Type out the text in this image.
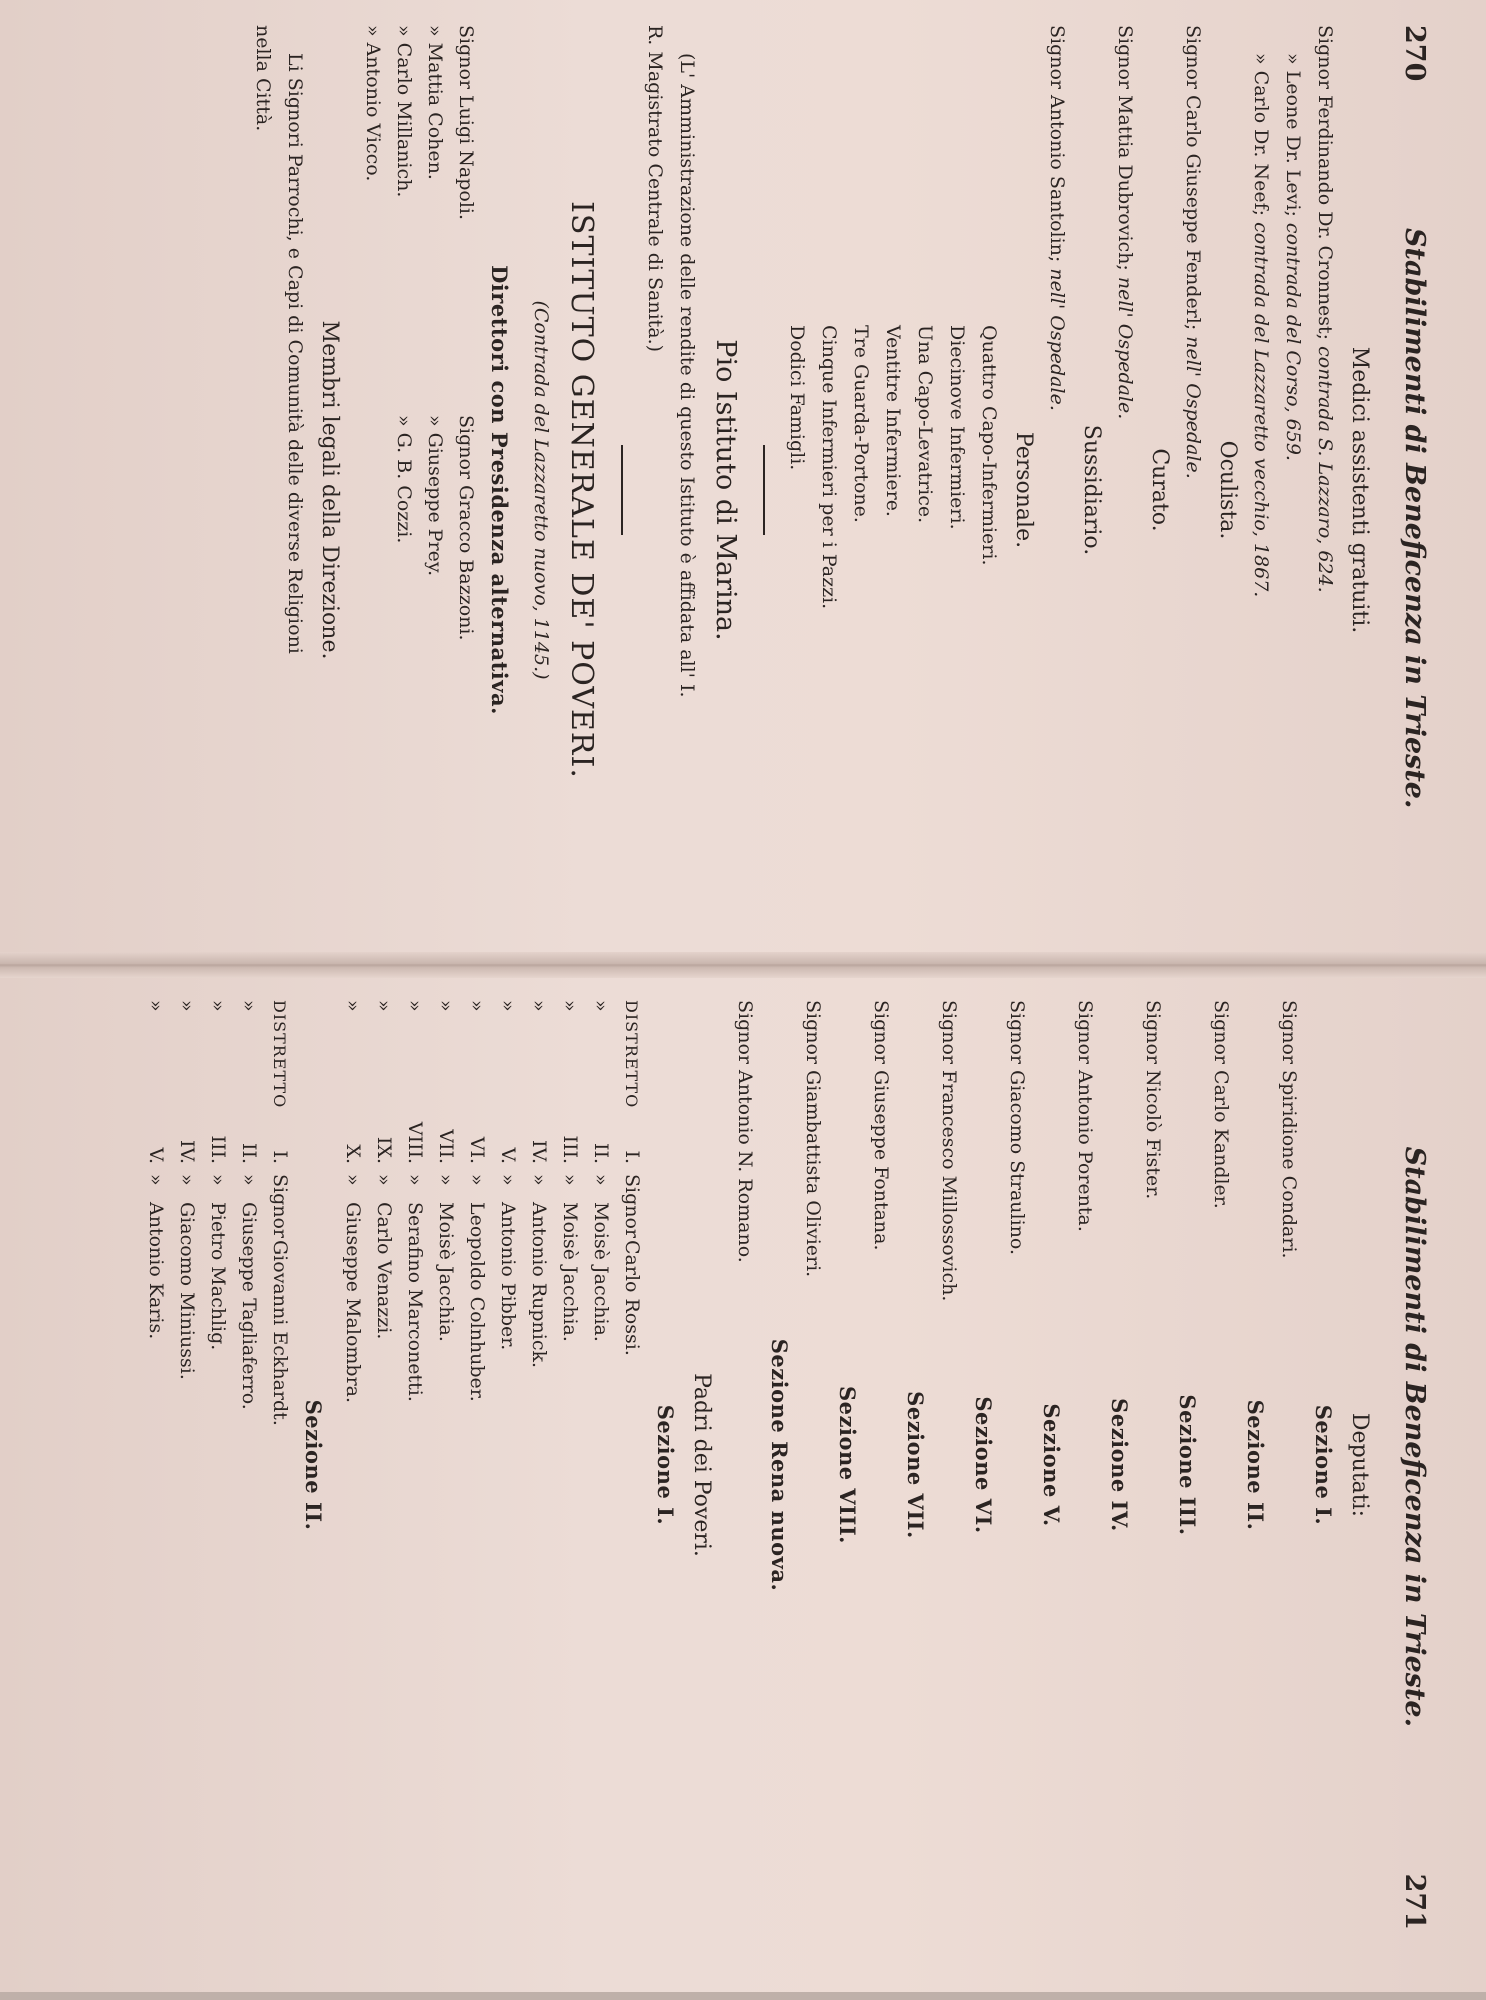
270
Stabilimenti di Beneficenza in Trieste.
Medici assistenti gratuiti.
Signor Ferdinando Dr. Cronnest; contrada S. Lazzaro, 624.
» Leone Dr. Levi; contrada del Corso, 659.
» Carlo Dr. Neef; contrada del Lazzaretto vecchio, 1867.
Oculista.
Signor Carlo Giuseppe Fenderl; nell' Ospedale.
Curato.
Signor Mattia Dubrovich; nell' Ospedale.
Sussidiario.
Signor Antonio Santolin; nell' Ospedale.
Personale.
Quattro Capo-Infermieri.
Diecinove Infermieri.
Una Capo-Levatrice.
Ventitre Infermiere.
Tre Guarda-Portone.
Cinque Infermieri per i Pazzi.
Dodici Famigli.
Pio Istituto di Marina.
(L' Amministrazione delle rendite di questo Istituto è affidata all' I.
R. Magistrato Centrale di Sanità.)
ISTITUTO GENERALE DE' POVERI.
(Contrada del Lazzaretto nuovo, 1145.)
Direttori con Presidenza alternativa.
Signor Luigi Napoli.
Signor Gracco Bazzoni.
» Mattia Cohen.
» Giuseppe Prey.
» Carlo Millanich.
» G. B. Cozzi.
» Antonio Vicco.
Membri legali della Direzione.
Li Signori Parrochi, e Capi di Comunità delle diverse Religioni
nella Città.
Stabilimenti di Beneficenza in Trieste.
271
Deputati:
Sezione I.
Signor Spiridione Condari.
Sezione II.
Signor Carlo Kandler.
Sezione III.
Signor Nicolò Fister.
Sezione IV.
Signor Antonio Porenta.
Sezione V.
Signor Giacomo Straulino.
Sezione VI.
Signor Francesco Millossovich.
Sezione VII.
Signor Giuseppe Fontana.
Sezione VIII.
Signor Giambattista Olivieri.
Sezione Rena nuova.
Signor Antonio N. Romano.
Padri dei Poveri.
Sezione I.
DISTRETTO
I.
Signor
Carlo Rossi.
»
II.
»
Moisè Jacchia.
»
III.
»
Moisè Jacchia.
»
IV.
»
Antonio Rupnick.
»
V.
»
Antonio Pibber.
»
VI.
»
Leopoldo Colnhuber.
»
VII.
»
Moisè Jacchia.
»
VIII.
»
Serafino Marconetti.
»
IX.
»
Carlo Venazzi.
»
X.
»
Giuseppe Malombra.
Sezione II.
DISTRETTO
I.
Signor
Giovanni Eckhardt.
»
II.
»
Giuseppe Tagliaferro.
»
III.
»
Pietro Machlig.
»
IV.
»
Giacomo Miniussi.
»
V.
»
Antonio Karis.
